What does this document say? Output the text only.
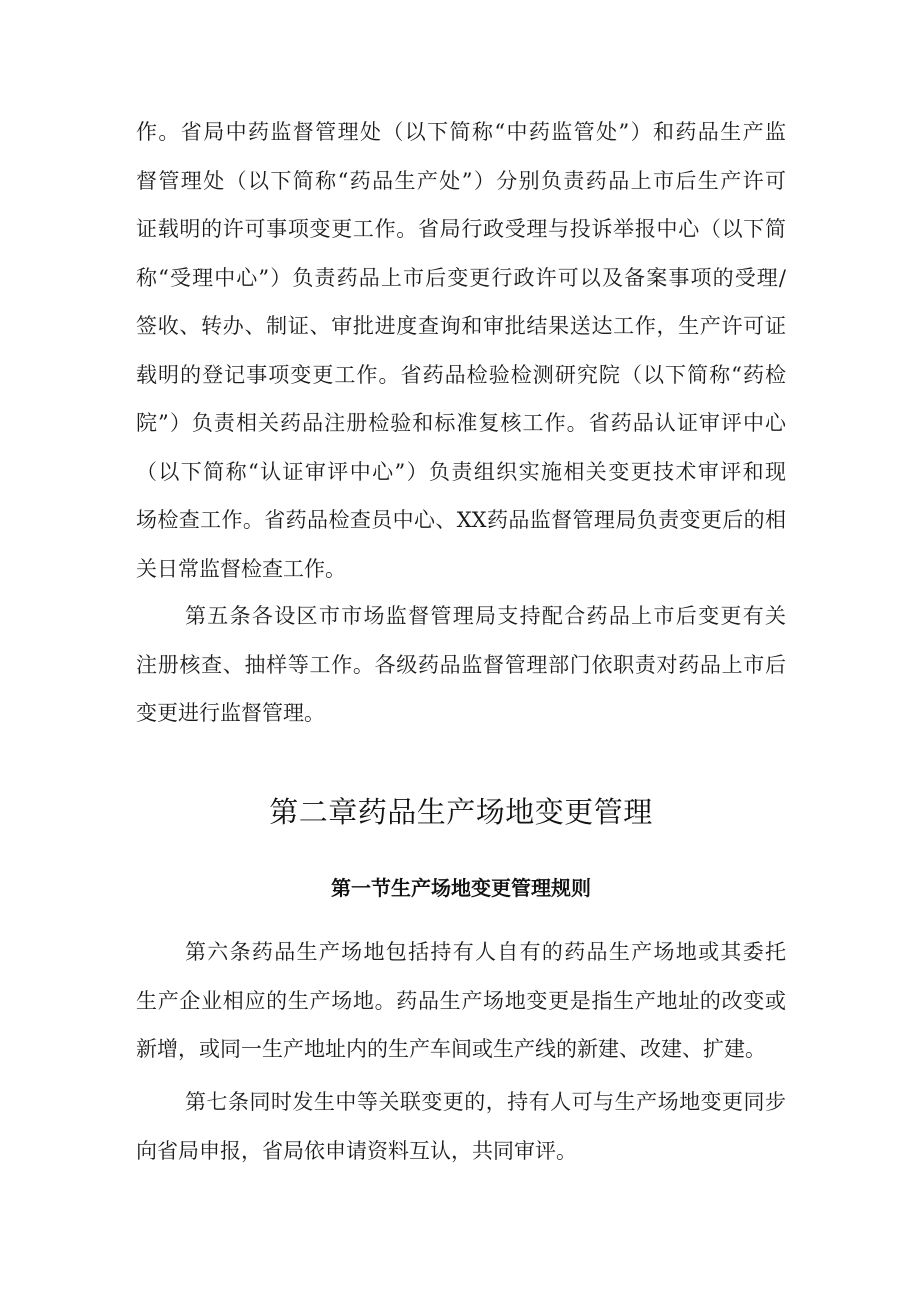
作。省局中药监督管理处（以下简称“中药监管处”）和药品生产监
督管理处（以下简称“药品生产处”）分别负责药品上市后生产许可
证载明的许可事项变更工作。省局行政受理与投诉举报中心（以下简
称“受理中心”）负责药品上市后变更行政许可以及备案事项的受理/
签收、转办、制证、审批进度查询和审批结果送达工作，生产许可证
载明的登记事项变更工作。省药品检验检测研究院（以下简称“药检
院”）负责相关药品注册检验和标准复核工作。省药品认证审评中心
（以下简称“认证审评中心”）负责组织实施相关变更技术审评和现
场检查工作。省药品检查员中心、XX药品监督管理局负责变更后的相
关日常监督检查工作。
第五条各设区市市场监督管理局支持配合药品上市后变更有关
注册核查、抽样等工作。各级药品监督管理部门依职责对药品上市后
变更进行监督管理。
第二章药品生产场地变更管理
第一节生产场地变更管理规则
第六条药品生产场地包括持有人自有的药品生产场地或其委托
生产企业相应的生产场地。药品生产场地变更是指生产地址的改变或
新增，或同一生产地址内的生产车间或生产线的新建、改建、扩建。
第七条同时发生中等关联变更的，持有人可与生产场地变更同步
向省局申报，省局依申请资料互认，共同审评。
